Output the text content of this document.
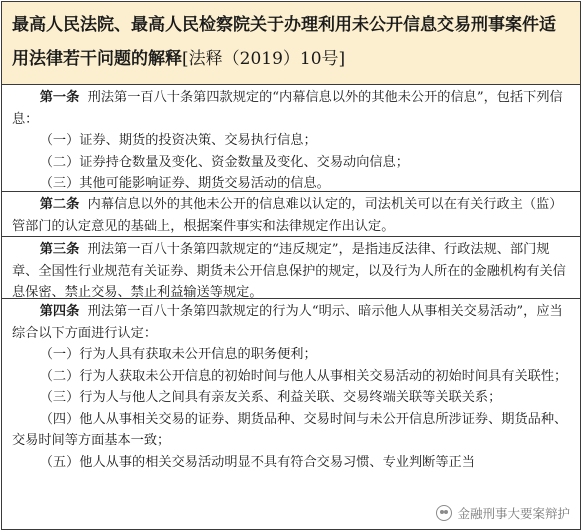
最高人民法院、最高人民检察院关于办理利用未公开信息交易刑事案件适用法律若干问题的解释[法释（2019）10号]

第一条 刑法第一百八十条第四款规定的“内幕信息以外的其他未公开的信息”，包括下列信息：

（一）证券、期货的投资决策、交易执行信息；

（二）证券持仓数量及变化、资金数量及变化、交易动向信息；

（三）其他可能影响证券、期货交易活动的信息。

第二条 内幕信息以外的其他未公开的信息难以认定的，司法机关可以在有关行政主（监）管部门的认定意见的基础上，根据案件事实和法律规定作出认定。

第三条 刑法第一百八十条第四款规定的“违反规定”，是指违反法律、行政法规、部门规章、全国性行业规范有关证券、期货未公开信息保护的规定，以及行为人所在的金融机构有关信息保密、禁止交易、禁止利益输送等规定。

第四条 刑法第一百八十条第四款规定的行为人“明示、暗示他人从事相关交易活动”，应当综合以下方面进行认定：

（一）行为人具有获取未公开信息的职务便利；

（二）行为人获取未公开信息的初始时间与他人从事相关交易活动的初始时间具有关联性；

（三）行为人与他人之间具有亲友关系、利益关联、交易终端关联等关联关系；

（四）他人从事相关交易的证券、期货品种、交易时间与未公开信息所涉证券、期货品种、交易时间等方面基本一致；

（五）他人从事的相关交易活动明显不具有符合交易习惯、专业判断等正当

金融刑事大要案辩护
